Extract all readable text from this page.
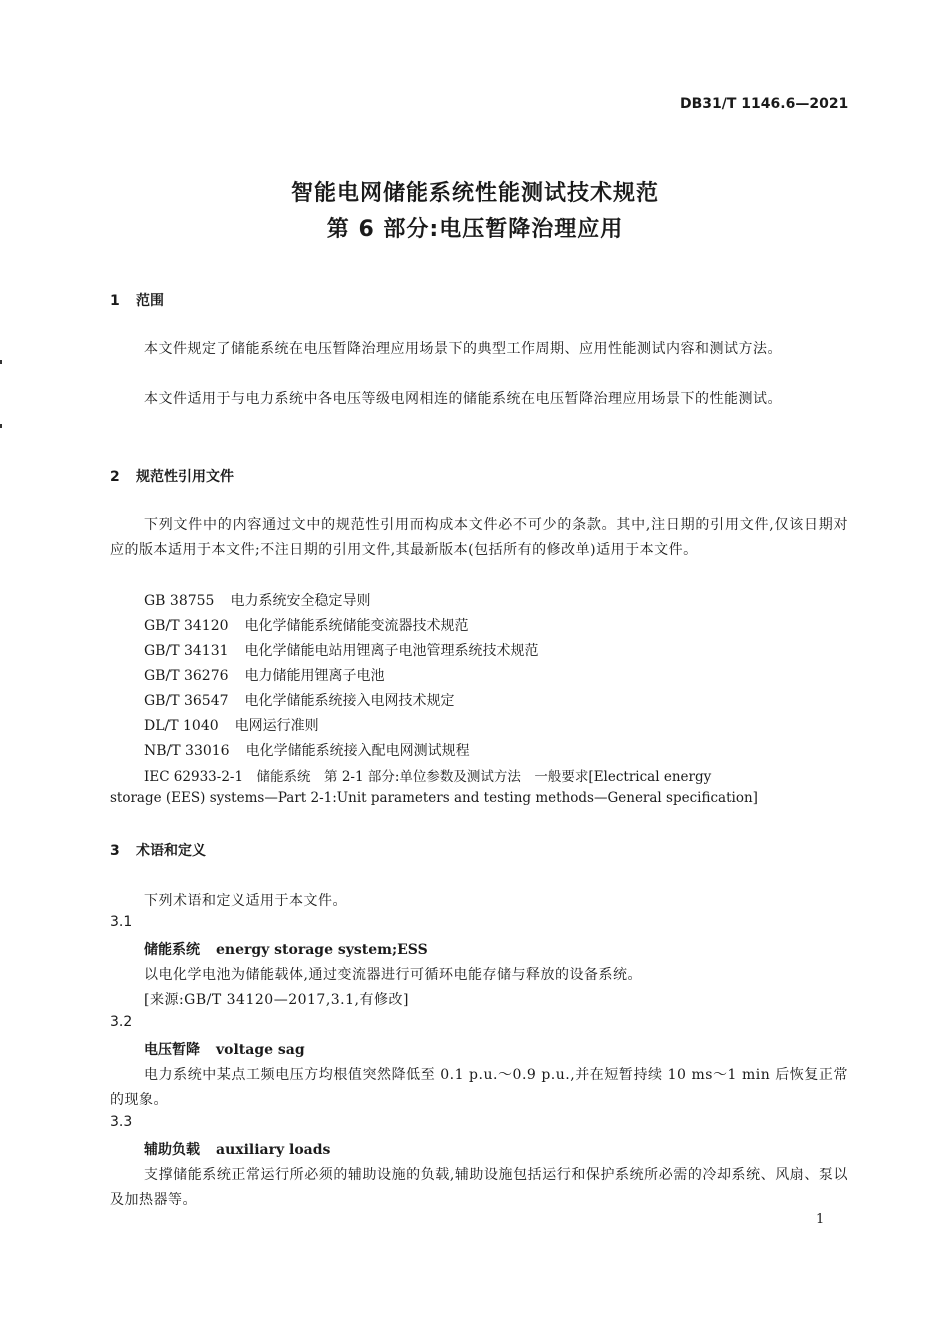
DB31/T 1146.6—2021
智能电网储能系统性能测试技术规范
第 6 部分:电压暂降治理应用
1 范围
本文件规定了储能系统在电压暂降治理应用场景下的典型工作周期、应用性能测试内容和测试方法。
本文件适用于与电力系统中各电压等级电网相连的储能系统在电压暂降治理应用场景下的性能测试。
2 规范性引用文件
下列文件中的内容通过文中的规范性引用而构成本文件必不可少的条款。其中,注日期的引用文件,仅该日期对应的版本适用于本文件;不注日期的引用文件,其最新版本(包括所有的修改单)适用于本文件。
GB 38755 电力系统安全稳定导则
GB/T 34120 电化学储能系统储能变流器技术规范
GB/T 34131 电化学储能电站用锂离子电池管理系统技术规范
GB/T 36276 电力储能用锂离子电池
GB/T 36547 电化学储能系统接入电网技术规定
DL/T 1040 电网运行准则
NB/T 33016 电化学储能系统接入配电网测试规程
IEC 62933-2-1　储能系统　第 2-1 部分:单位参数及测试方法　一般要求[Electrical energy
storage (EES) systems—Part 2-1:Unit parameters and testing methods—General specification]
3 术语和定义
下列术语和定义适用于本文件。
3.1
储能系统 energy storage system;ESS
以电化学电池为储能载体,通过变流器进行可循环电能存储与释放的设备系统。
[来源:GB/T 34120—2017,3.1,有修改]
3.2
电压暂降 voltage sag
电力系统中某点工频电压方均根值突然降低至 0.1 p.u.～0.9 p.u.,并在短暂持续 10 ms～1 min 后恢复正常的现象。
3.3
辅助负载 auxiliary loads
支撑储能系统正常运行所必须的辅助设施的负载,辅助设施包括运行和保护系统所必需的冷却系统、风扇、泵以及加热器等。
1
